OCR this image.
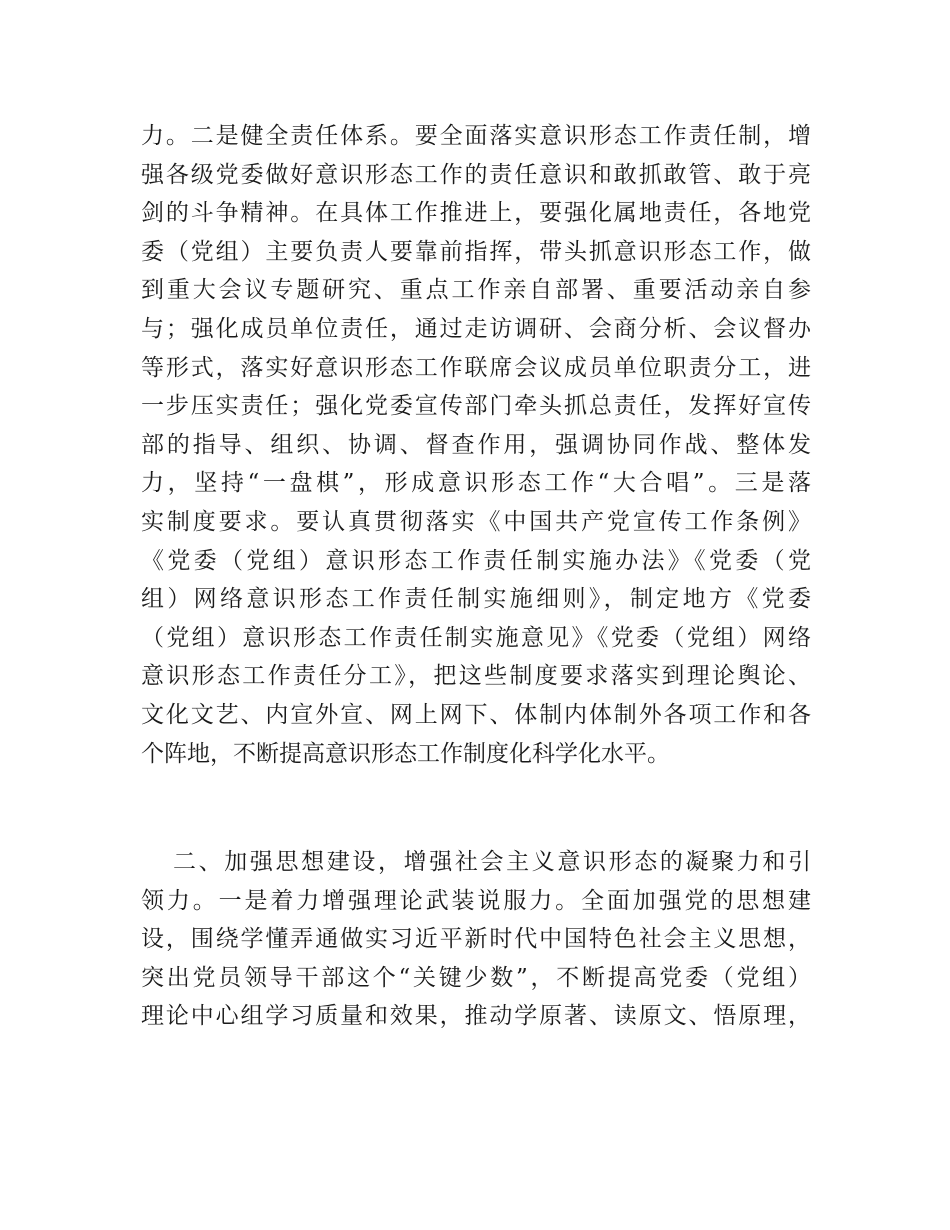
力。二是健全责任体系。要全面落实意识形态工作责任制，增
强各级党委做好意识形态工作的责任意识和敢抓敢管、敢于亮
剑的斗争精神。在具体工作推进上，要强化属地责任，各地党
委（党组）主要负责人要靠前指挥，带头抓意识形态工作，做
到重大会议专题研究、重点工作亲自部署、重要活动亲自参
与；强化成员单位责任，通过走访调研、会商分析、会议督办
等形式，落实好意识形态工作联席会议成员单位职责分工，进
一步压实责任；强化党委宣传部门牵头抓总责任，发挥好宣传
部的指导、组织、协调、督查作用，强调协同作战、整体发
力，坚持“一盘棋”，形成意识形态工作“大合唱”。三是落
实制度要求。要认真贯彻落实《中国共产党宣传工作条例》
《党委（党组）意识形态工作责任制实施办法》《党委（党
组）网络意识形态工作责任制实施细则》，制定地方《党委
（党组）意识形态工作责任制实施意见》《党委（党组）网络
意识形态工作责任分工》，把这些制度要求落实到理论舆论、
文化文艺、内宣外宣、网上网下、体制内体制外各项工作和各
个阵地，不断提高意识形态工作制度化科学化水平。
二、加强思想建设，增强社会主义意识形态的凝聚力和引
领力。一是着力增强理论武装说服力。全面加强党的思想建
设，围绕学懂弄通做实习近平新时代中国特色社会主义思想，
突出党员领导干部这个“关键少数”，不断提高党委（党组）
理论中心组学习质量和效果，推动学原著、读原文、悟原理，
